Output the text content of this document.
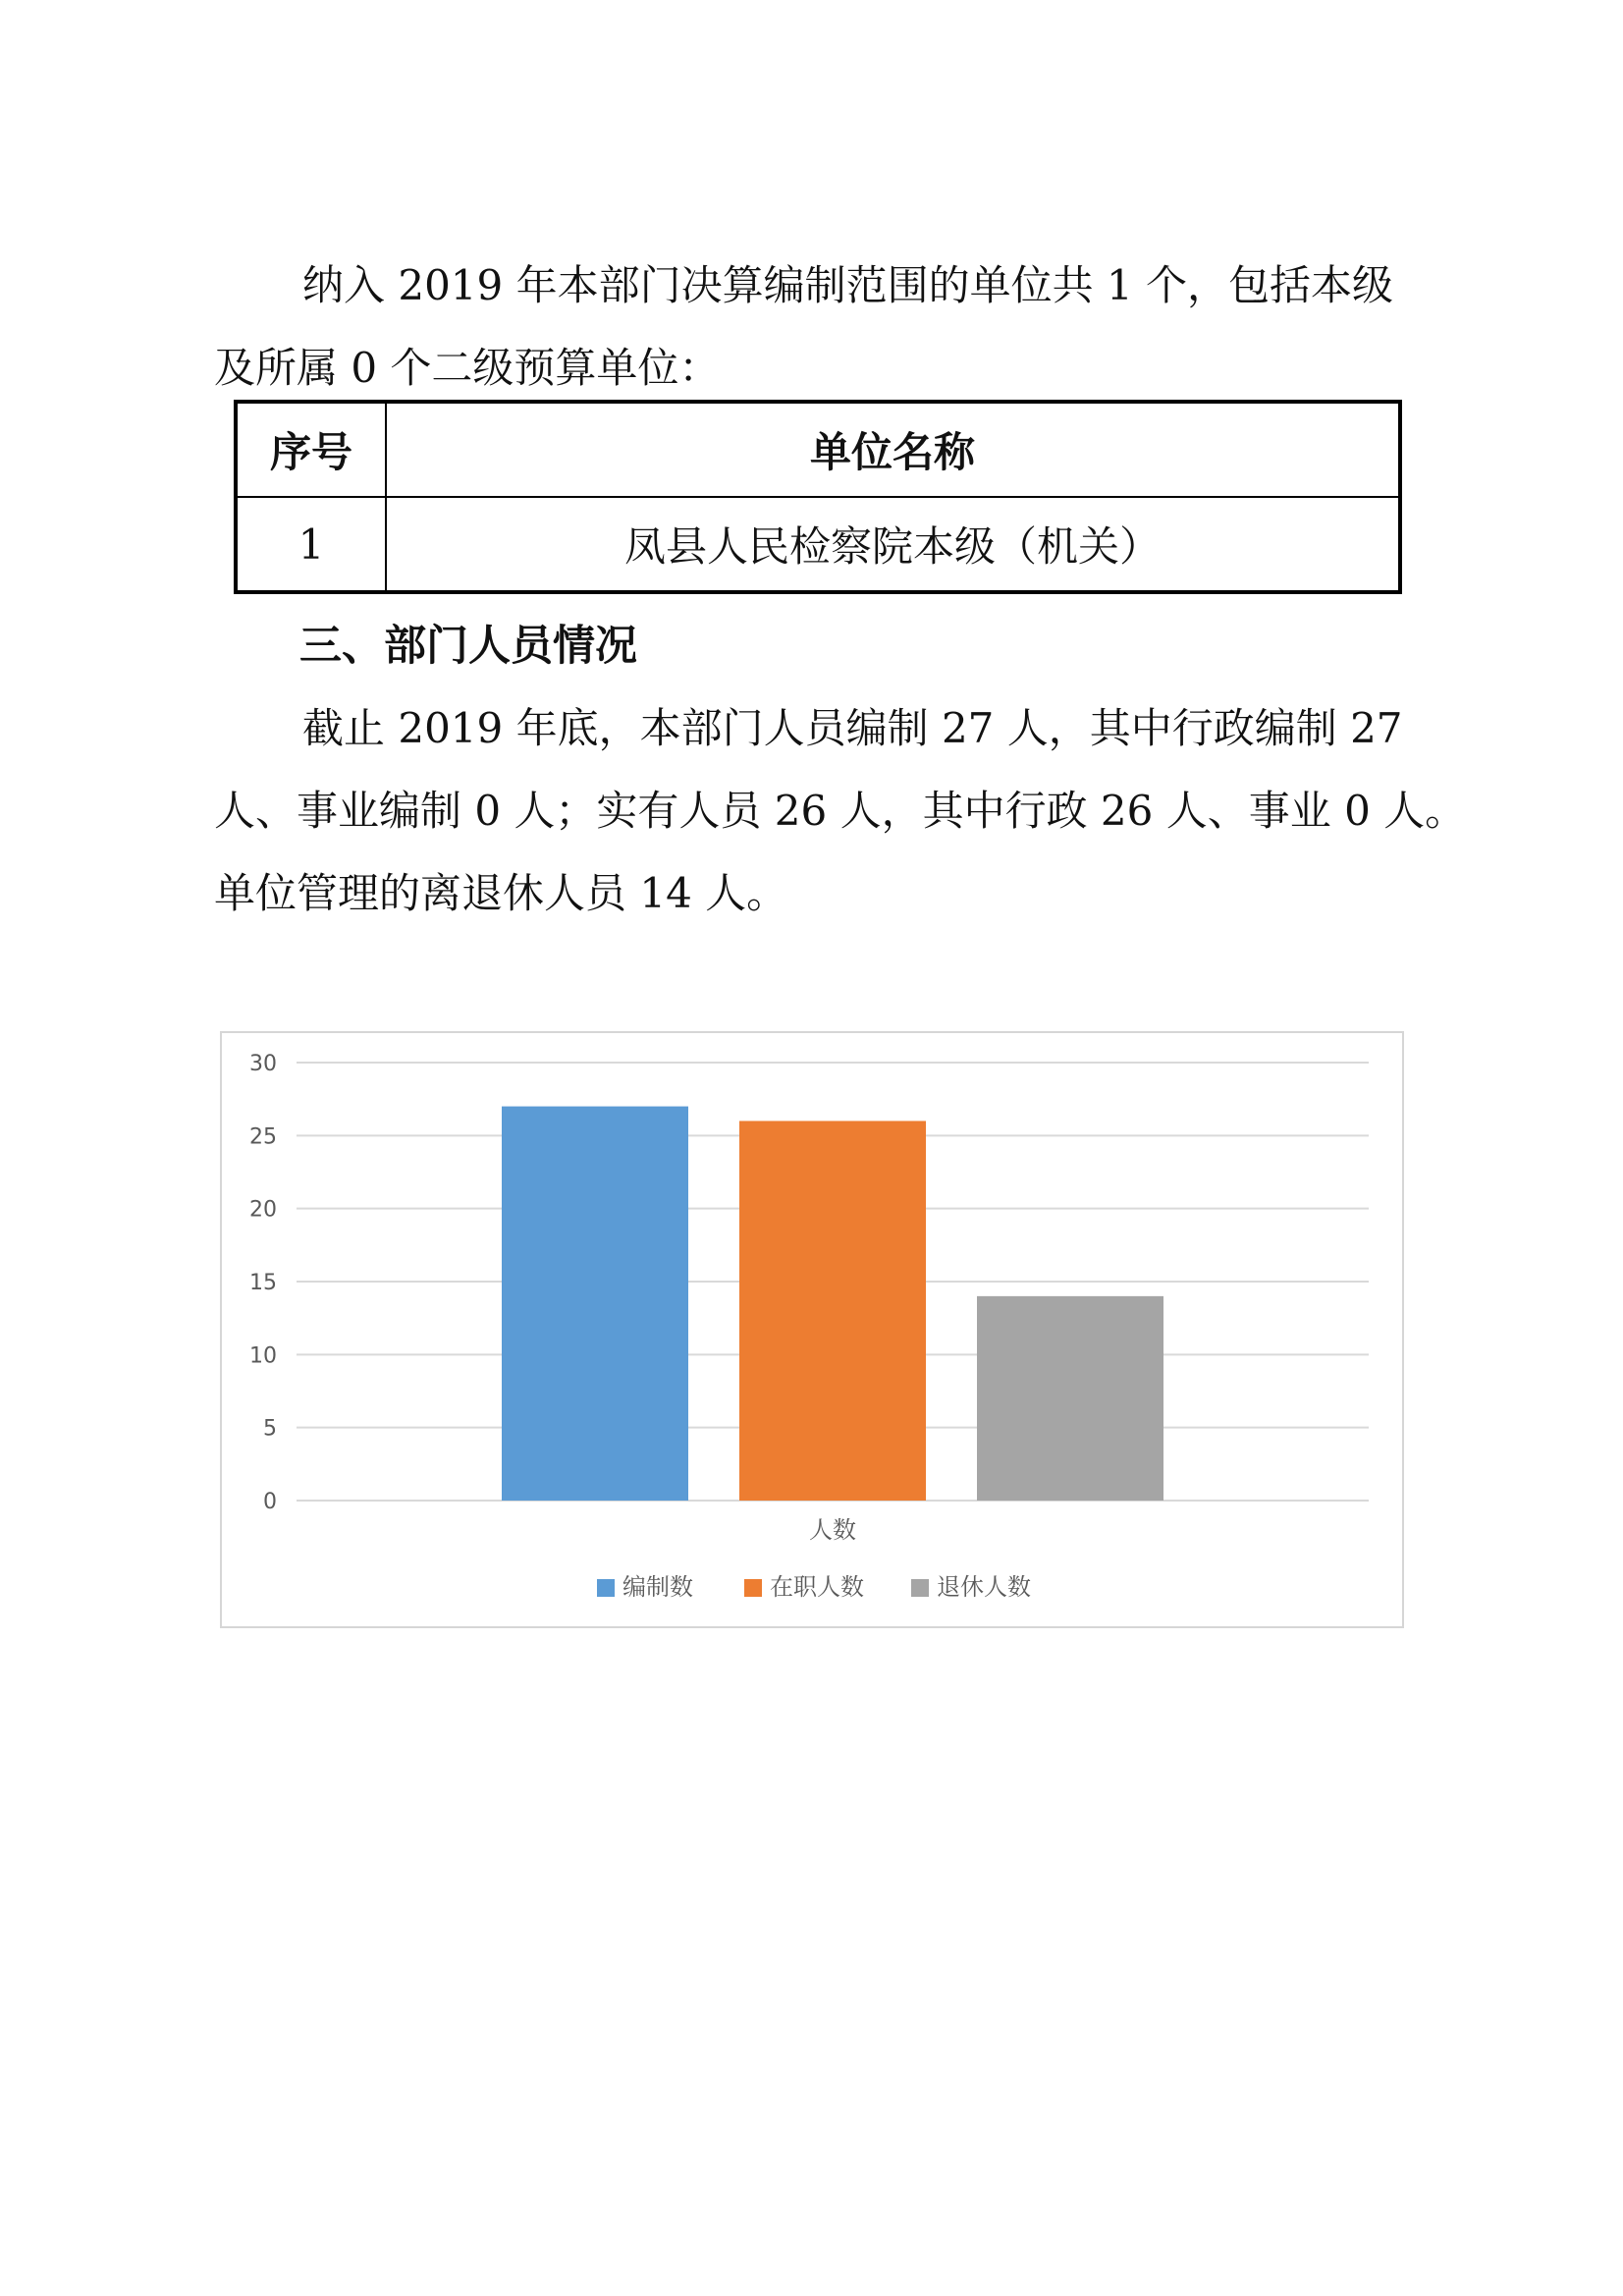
纳入 2019 年本部门决算编制范围的单位共 1 个，包括本级
及所属 0 个二级预算单位：
序号	单位名称
1	凤县人民检察院本级（机关）

三、部门人员情况

截止 2019 年底，本部门人员编制 27 人，其中行政编制 27
人、事业编制 0 人；实有人员 26 人，其中行政 26 人、事业 0 人。
单位管理的离退休人员 14 人。
0
5
10
15
20
25
30
人数
编制数	在职人数	退休人数
